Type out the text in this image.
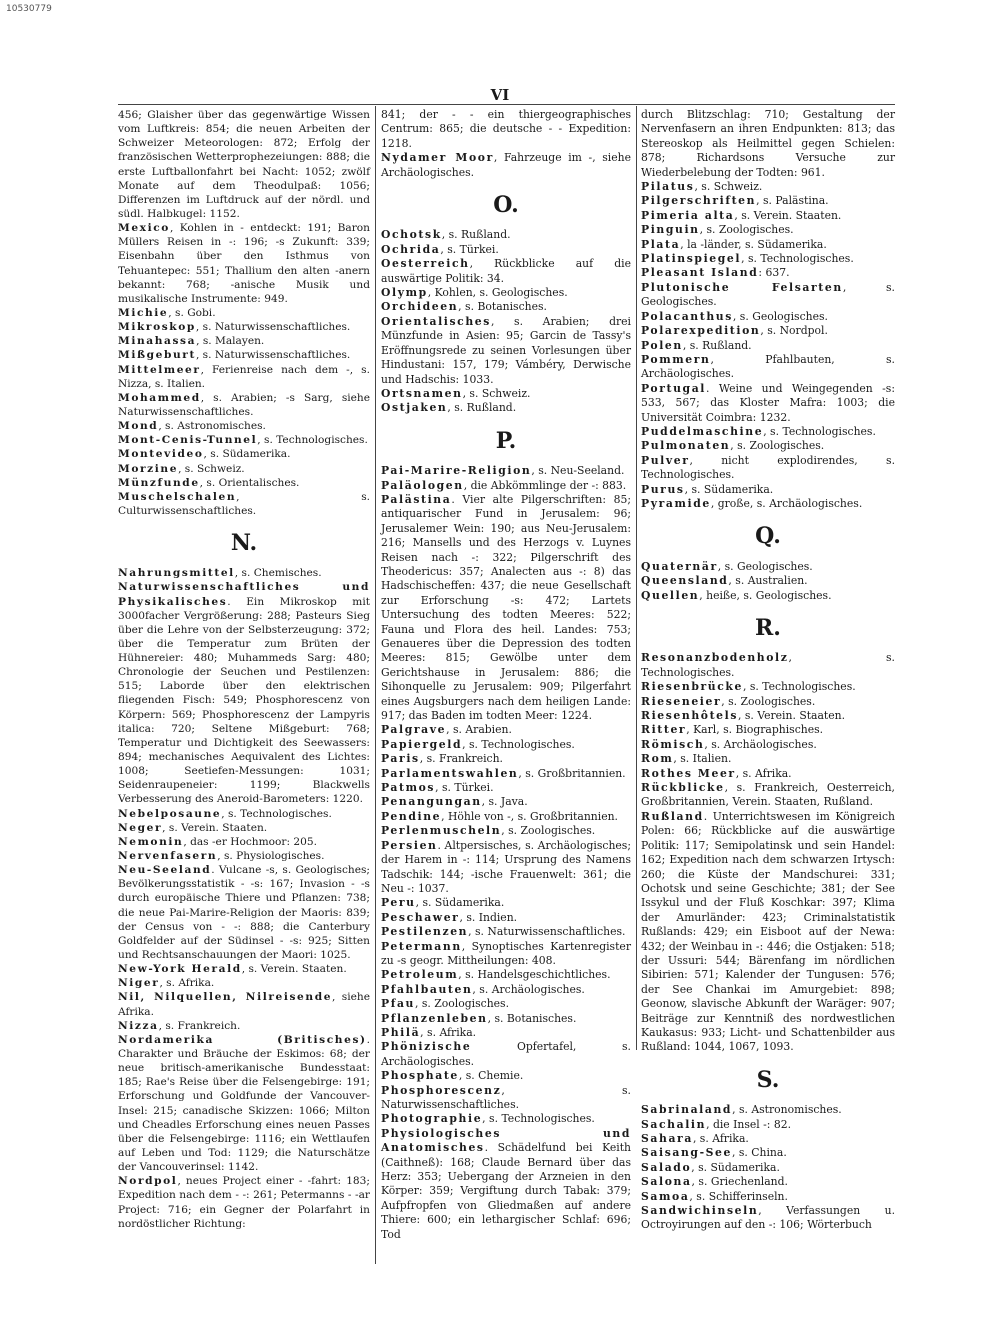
10530779
VI
456; Glaisher über das gegenwärtige Wissen vom Luftkreis: 854; die neuen Arbeiten der Schweizer Meteorologen: 872; Erfolg der französischen Wetterprophezeiungen: 888; die erste Luftballonfahrt bei Nacht: 1052; zwölf Monate auf dem Theodulpaß: 1056; Differenzen im Luftdruck auf der nördl. und südl. Halbkugel: 1152.
Mexico, Kohlen in - entdeckt: 191; Baron Müllers Reisen in -: 196; -s Zukunft: 339; Eisenbahn über den Isthmus von Tehuantepec: 551; Thallium den alten -anern bekannt: 768; -anische Musik und musikalische Instrumente: 949.
Michie, s. Gobi.
Mikroskop, s. Naturwissenschaftliches.
Minahassa, s. Malayen.
Mißgeburt, s. Naturwissenschaftliches.
Mittelmeer, Ferienreise nach dem -, s. Nizza, s. Italien.
Mohammed, s. Arabien; -s Sarg, siehe Naturwissenschaftliches.
Mond, s. Astronomisches.
Mont-Cenis-Tunnel, s. Technologisches.
Montevideo, s. Südamerika.
Morzine, s. Schweiz.
Münzfunde, s. Orientalisches.
Muschelschalen, s. Culturwissenschaftliches.
N.
Nahrungsmittel, s. Chemisches.
Naturwissenschaftliches und Physikalisches. Ein Mikroskop mit 3000facher Vergrößerung: 288; Pasteurs Sieg über die Lehre von der Selbsterzeugung: 372; über die Temperatur zum Brüten der Hühnereier: 480; Muhammeds Sarg: 480; Chronologie der Seuchen und Pestilenzen: 515; Laborde über den elektrischen fliegenden Fisch: 549; Phosphorescenz von Körpern: 569; Phosphorescenz der Lampyris italica: 720; Seltene Mißgeburt: 768; Temperatur und Dichtigkeit des Seewassers: 894; mechanisches Aequivalent des Lichtes: 1008; Seetiefen-Messungen: 1031; Seidenraupeneier: 1199; Blackwells Verbesserung des Aneroid-Barometers: 1220.
Nebelposaune, s. Technologisches.
Neger, s. Verein. Staaten.
Nemonin, das -er Hochmoor: 205.
Nervenfasern, s. Physiologisches.
Neu-Seeland. Vulcane -s, s. Geologisches; Bevölkerungsstatistik - -s: 167; Invasion - -s durch europäische Thiere und Pflanzen: 738; die neue Pai-Marire-Religion der Maoris: 839; der Census von - -: 888; die Canterbury Goldfelder auf der Südinsel - -s: 925; Sitten und Rechtsanschauungen der Maori: 1025.
New-York Herald, s. Verein. Staaten.
Niger, s. Afrika.
Nil, Nilquellen, Nilreisende, siehe Afrika.
Nizza, s. Frankreich.
Nordamerika (Britisches). Charakter und Bräuche der Eskimos: 68; der neue britisch-amerikanische Bundesstaat: 185; Rae's Reise über die Felsengebirge: 191; Erforschung und Goldfunde der Vancouver-Insel: 215; canadische Skizzen: 1066; Milton und Cheadles Erforschung eines neuen Passes über die Felsengebirge: 1116; ein Wettlaufen auf Leben und Tod: 1129; die Naturschätze der Vancouverinsel: 1142.
Nordpol, neues Project einer - -fahrt: 183; Expedition nach dem - -: 261; Petermanns - -ar Project: 716; ein Gegner der Polarfahrt in nordöstlicher Richtung:
841; der - - ein thiergeographisches Centrum: 865; die deutsche - - Expedition: 1218.
Nydamer Moor, Fahrzeuge im -, siehe Archäologisches.
O.
Ochotsk, s. Rußland.
Ochrida, s. Türkei.
Oesterreich, Rückblicke auf die auswärtige Politik: 34.
Olymp, Kohlen, s. Geologisches.
Orchideen, s. Botanisches.
Orientalisches, s. Arabien; drei Münzfunde in Asien: 95; Garcin de Tassy's Eröffnungsrede zu seinen Vorlesungen über Hindustani: 157, 179; Vámbéry, Derwische und Hadschis: 1033.
Ortsnamen, s. Schweiz.
Ostjaken, s. Rußland.
P.
Pai-Marire-Religion, s. Neu-Seeland.
Paläologen, die Abkömmlinge der -: 883.
Palästina. Vier alte Pilgerschriften: 85; antiquarischer Fund in Jerusalem: 96; Jerusalemer Wein: 190; aus Neu-Jerusalem: 216; Mansells und des Herzogs v. Luynes Reisen nach -: 322; Pilgerschrift des Theodericus: 357; Analecten aus -: 8) das Hadschischeffen: 437; die neue Gesellschaft zur Erforschung -s: 472; Lartets Untersuchung des todten Meeres: 522; Fauna und Flora des heil. Landes: 753; Genaueres über die Depression des todten Meeres: 815; Gewölbe unter dem Gerichtshause in Jerusalem: 886; die Sihonquelle zu Jerusalem: 909; Pilgerfahrt eines Augsburgers nach dem heiligen Lande: 917; das Baden im todten Meer: 1224.
Palgrave, s. Arabien.
Papiergeld, s. Technologisches.
Paris, s. Frankreich.
Parlamentswahlen, s. Großbritannien.
Patmos, s. Türkei.
Penangungan, s. Java.
Pendine, Höhle von -, s. Großbritannien.
Perlenmuscheln, s. Zoologisches.
Persien. Altpersisches, s. Archäologisches; der Harem in -: 114; Ursprung des Namens Tadschik: 144; -ische Frauenwelt: 361; die Neu -: 1037.
Peru, s. Südamerika.
Peschawer, s. Indien.
Pestilenzen, s. Naturwissenschaftliches.
Petermann, Synoptisches Kartenregister zu -s geogr. Mittheilungen: 408.
Petroleum, s. Handelsgeschichtliches.
Pfahlbauten, s. Archäologisches.
Pfau, s. Zoologisches.
Pflanzenleben, s. Botanisches.
Philä, s. Afrika.
Phönizische Opfertafel, s. Archäologisches.
Phosphate, s. Chemie.
Phosphorescenz, s. Naturwissenschaftliches.
Photographie, s. Technologisches.
Physiologisches und Anatomisches. Schädelfund bei Keith (Caithneß): 168; Claude Bernard über das Herz: 353; Uebergang der Arzneien in den Körper: 359; Vergiftung durch Tabak: 379; Aufpfropfen von Gliedmaßen auf andere Thiere: 600; ein lethargischer Schlaf: 696; Tod
durch Blitzschlag: 710; Gestaltung der Nervenfasern an ihren Endpunkten: 813; das Stereoskop als Heilmittel gegen Schielen: 878; Richardsons Versuche zur Wiederbelebung der Todten: 961.
Pilatus, s. Schweiz.
Pilgerschriften, s. Palästina.
Pimeria alta, s. Verein. Staaten.
Pinguin, s. Zoologisches.
Plata, la -länder, s. Südamerika.
Platinspiegel, s. Technologisches.
Pleasant Island: 637.
Plutonische Felsarten, s. Geologisches.
Polacanthus, s. Geologisches.
Polarexpedition, s. Nordpol.
Polen, s. Rußland.
Pommern, Pfahlbauten, s. Archäologisches.
Portugal. Weine und Weingegenden -s: 533, 567; das Kloster Mafra: 1003; die Universität Coimbra: 1232.
Puddelmaschine, s. Technologisches.
Pulmonaten, s. Zoologisches.
Pulver, nicht explodirendes, s. Technologisches.
Purus, s. Südamerika.
Pyramide, große, s. Archäologisches.
Q.
Quaternär, s. Geologisches.
Queensland, s. Australien.
Quellen, heiße, s. Geologisches.
R.
Resonanzbodenholz, s. Technologisches.
Riesenbrücke, s. Technologisches.
Rieseneier, s. Zoologisches.
Riesenhôtels, s. Verein. Staaten.
Ritter, Karl, s. Biographisches.
Römisch, s. Archäologisches.
Rom, s. Italien.
Rothes Meer, s. Afrika.
Rückblicke, s. Frankreich, Oesterreich, Großbritannien, Verein. Staaten, Rußland.
Rußland. Unterrichtswesen im Königreich Polen: 66; Rückblicke auf die auswärtige Politik: 117; Semipolatinsk und sein Handel: 162; Expedition nach dem schwarzen Irtysch: 260; die Küste der Mandschurei: 331; Ochotsk und seine Geschichte; 381; der See Issykul und der Fluß Koschkar: 397; Klima der Amurländer: 423; Criminalstatistik Rußlands: 429; ein Eisboot auf der Newa: 432; der Weinbau in -: 446; die Ostjaken: 518; der Ussuri: 544; Bärenfang im nördlichen Sibirien: 571; Kalender der Tungusen: 576; der See Chankai im Amurgebiet: 898; Geonow, slavische Abkunft der Waräger: 907; Beiträge zur Kenntniß des nordwestlichen Kaukasus: 933; Licht- und Schattenbilder aus Rußland: 1044, 1067, 1093.
S.
Sabrinaland, s. Astronomisches.
Sachalin, die Insel -: 82.
Sahara, s. Afrika.
Saisang-See, s. China.
Salado, s. Südamerika.
Salona, s. Griechenland.
Samoa, s. Schifferinseln.
Sandwichinseln, Verfassungen u. Octroyirungen auf den -: 106; Wörterbuch
